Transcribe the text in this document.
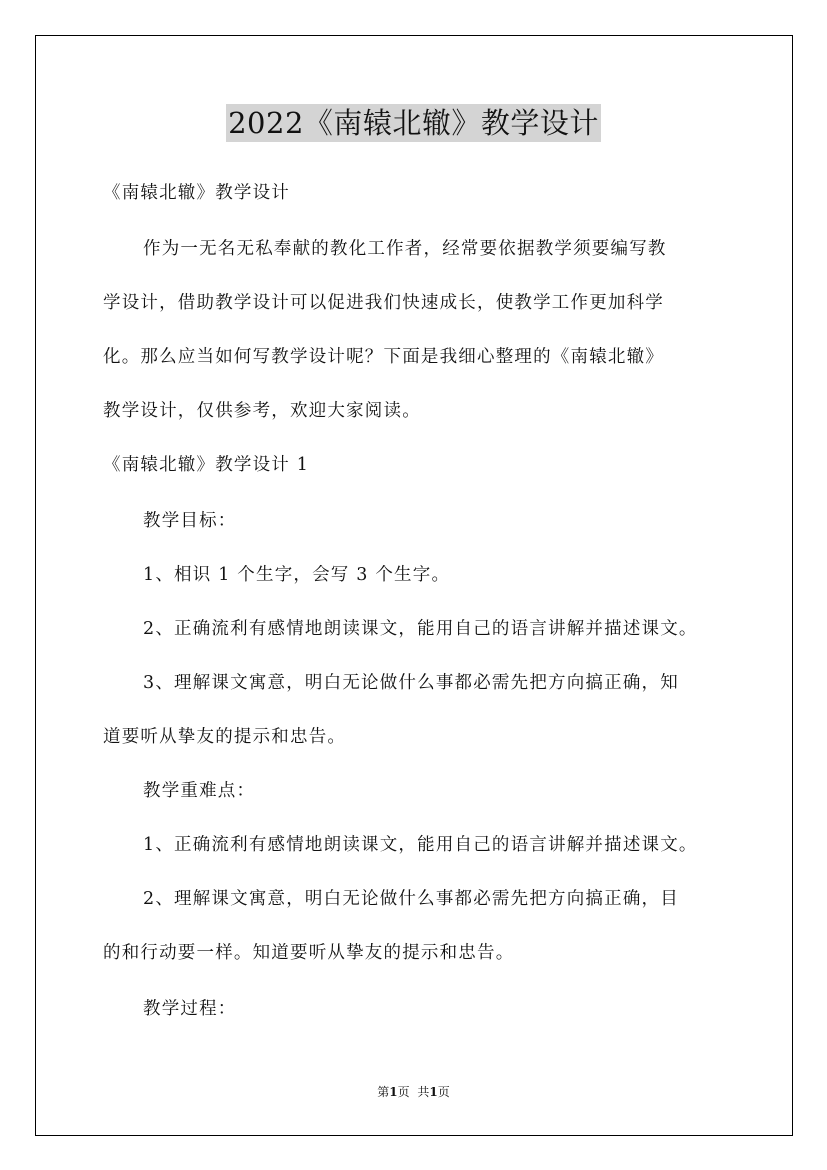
2022《南辕北辙》教学设计
《南辕北辙》教学设计
作为一无名无私奉献的教化工作者，经常要依据教学须要编写教
学设计，借助教学设计可以促进我们快速成长，使教学工作更加科学
化。那么应当如何写教学设计呢？下面是我细心整理的《南辕北辙》
教学设计，仅供参考，欢迎大家阅读。
《南辕北辙》教学设计 1
教学目标：
1、相识 1 个生字，会写 3 个生字。
2、正确流利有感情地朗读课文，能用自己的语言讲解并描述课文。
3、理解课文寓意，明白无论做什么事都必需先把方向搞正确，知
道要听从挚友的提示和忠告。
教学重难点：
1、正确流利有感情地朗读课文，能用自己的语言讲解并描述课文。
2、理解课文寓意，明白无论做什么事都必需先把方向搞正确，目
的和行动要一样。知道要听从挚友的提示和忠告。
教学过程：
第1页 共1页
